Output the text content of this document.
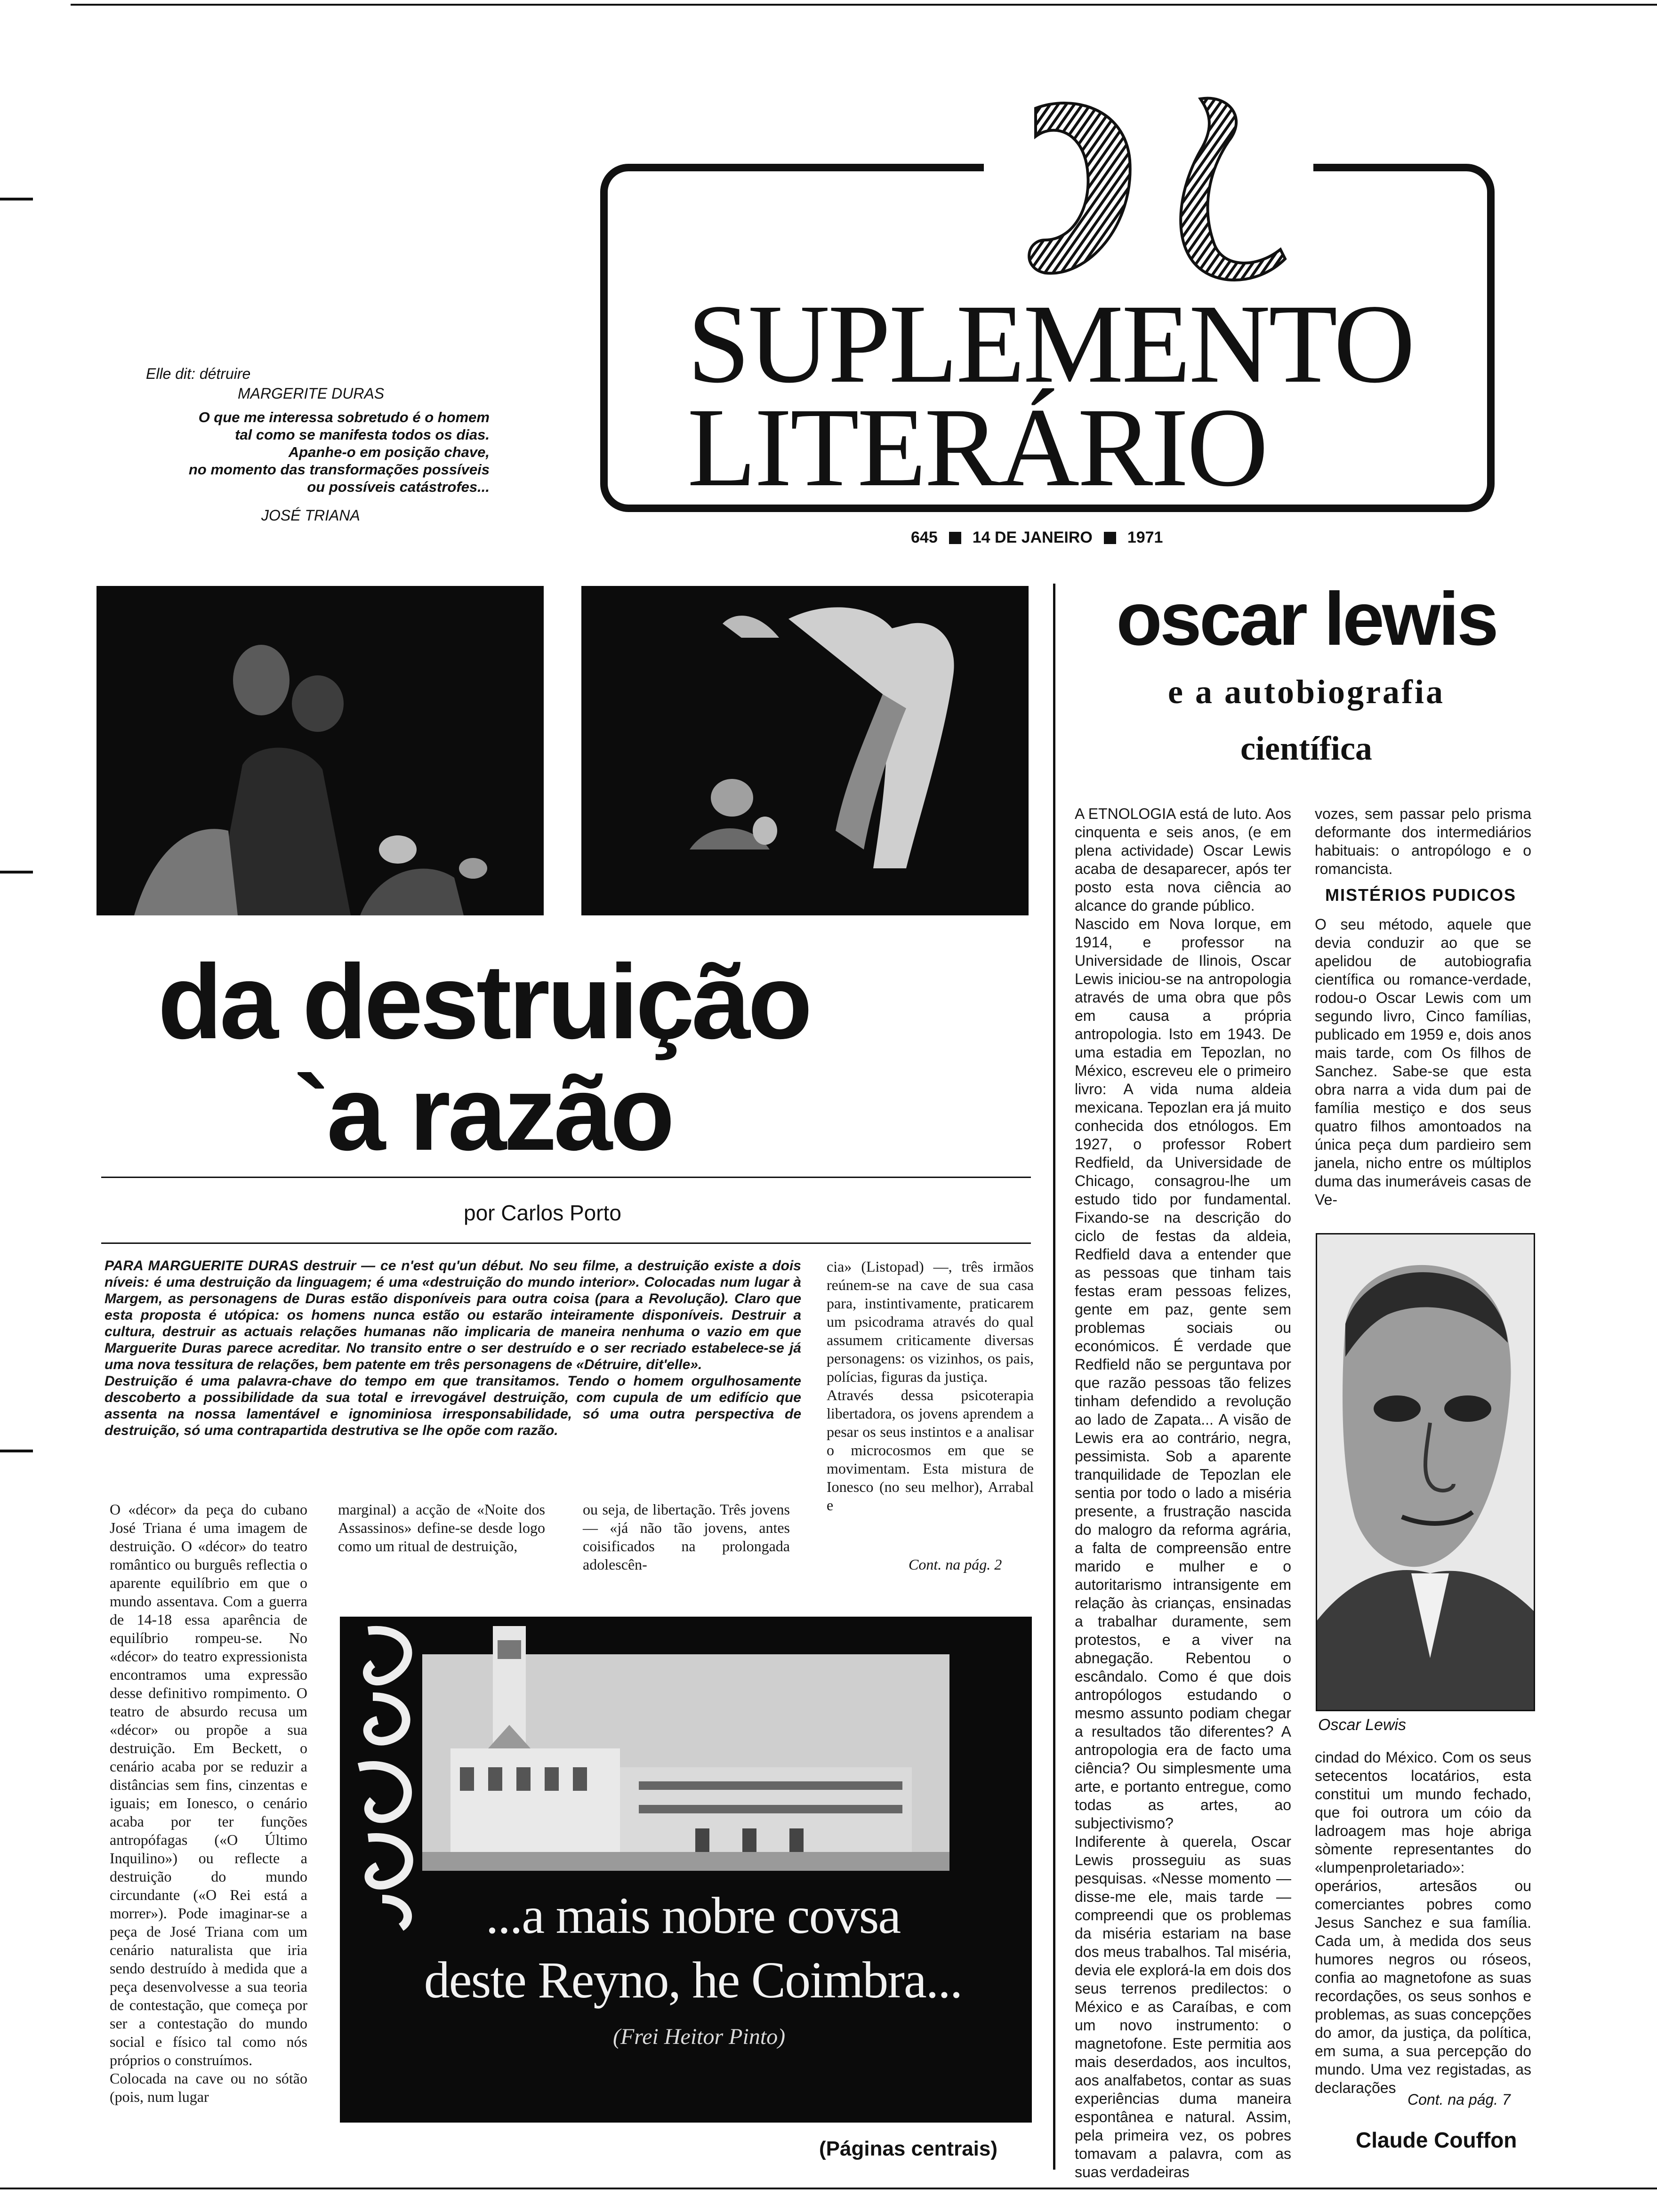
SUPLEMENTO
LITERÁRIO
645 14 DE JANEIRO 1971
Elle dit: détruire
MARGERITE DURAS
O que me interessa sobretudo é o homem
tal como se manifesta todos os dias.
Apanhe-o em posição chave,
no momento das transformações possíveis
ou possíveis catástrofes...
JOSÉ TRIANA
da destruição
`a razão
por Carlos Porto
PARA MARGUERITE DURAS destruir — ce n'est qu'un début. No seu filme, a destruição existe a dois níveis: é uma destruição da linguagem; é uma «destruição do mundo interior». Colocadas num lugar à Margem, as personagens de Duras estão disponíveis para outra coisa (para a Revolução). Claro que esta proposta é utópica: os homens nunca estão ou estarão inteiramente disponíveis. Destruir a cultura, destruir as actuais relações humanas não implicaria de maneira nenhuma o vazio em que Marguerite Duras parece acreditar. No transito entre o ser destruído e o ser recriado estabelece-se já uma nova tessitura de relações, bem patente em três personagens de «Détruire, dit'elle».
Destruição é uma palavra-chave do tempo em que transitamos. Tendo o homem orgulhosamente descoberto a possibilidade da sua total e irrevogável destruição, com cupula de um edifício que assenta na nossa lamentável e ignominiosa irresponsabilidade, só uma outra perspectiva de destruição, só uma contrapartida destrutiva se lhe opõe com razão.
O «décor» da peça do cubano José Triana é uma imagem de destruição. O «décor» do teatro romântico ou burguês reflectia o aparente equilíbrio em que o mundo assentava. Com a guerra de 14-18 essa aparência de equilíbrio rompeu-se. No «décor» do teatro expressionista encontramos uma expressão desse definitivo rompimento. O teatro de absurdo recusa um «décor» ou propõe a sua destruição. Em Beckett, o cenário acaba por se reduzir a distâncias sem fins, cinzentas e iguais; em Ionesco, o cenário acaba por ter funções antropófagas («O Último Inquilino») ou reflecte a destruição do mundo circundante («O Rei está a morrer»). Pode imaginar-se a peça de José Triana com um cenário naturalista que iria sendo destruído à medida que a peça desenvolvesse a sua teoria de contestação, que começa por ser a contestação do mundo social e físico tal como nós próprios o construímos.
Colocada na cave ou no sótão (pois, num lugar
marginal) a acção de «Noite dos Assassinos» define-se desde logo como um ritual de destruição,
ou seja, de libertação. Três jovens — «já não tão jovens, antes coisificados na prolongada adolescên-
cia» (Listopad) —, três irmãos reúnem-se na cave de sua casa para, instintivamente, praticarem um psicodrama através do qual assumem criticamente diversas personagens: os vizinhos, os pais, polícias, figuras da justiça.
Através dessa psicoterapia libertadora, os jovens aprendem a pesar os seus instintos e a analisar o microcosmos em que se movimentam. Esta mistura de Ionesco (no seu melhor), Arrabal e
Cont. na pág. 2
...a mais nobre covsa
deste Reyno, he Coimbra...
(Frei Heitor Pinto)
(Páginas centrais)
oscar lewis
e a autobiografia
científica
A ETNOLOGIA está de luto. Aos cinquenta e seis anos, (e em plena actividade) Oscar Lewis acaba de desaparecer, após ter posto esta nova ciência ao alcance do grande público.
Nascido em Nova Iorque, em 1914, e professor na Universidade de Ilinois, Oscar Lewis iniciou-se na antropologia através de uma obra que pôs em causa a própria antropologia. Isto em 1943. De uma estadia em Tepozlan, no México, escreveu ele o primeiro livro: A vida numa aldeia mexicana. Tepozlan era já muito conhecida dos etnólogos. Em 1927, o professor Robert Redfield, da Universidade de Chicago, consagrou-lhe um estudo tido por fundamental. Fixando-se na descrição do ciclo de festas da aldeia, Redfield dava a entender que as pessoas que tinham tais festas eram pessoas felizes, gente em paz, gente sem problemas sociais ou económicos. É verdade que Redfield não se perguntava por que razão pessoas tão felizes tinham defendido a revolução ao lado de Zapata... A visão de Lewis era ao contrário, negra, pessimista. Sob a aparente tranquilidade de Tepozlan ele sentia por todo o lado a miséria presente, a frustração nascida do malogro da reforma agrária, a falta de compreensão entre marido e mulher e o autoritarismo intransigente em relação às crianças, ensinadas a trabalhar duramente, sem protestos, e a viver na abnegação. Rebentou o escândalo. Como é que dois antropólogos estudando o mesmo assunto podiam chegar a resultados tão diferentes? A antropologia era de facto uma ciência? Ou simplesmente uma arte, e portanto entregue, como todas as artes, ao subjectivismo?
Indiferente à querela, Oscar Lewis prosseguiu as suas pesquisas. «Nesse momento — disse-me ele, mais tarde — compreendi que os problemas da miséria estariam na base dos meus trabalhos. Tal miséria, devia ele explorá-la em dois dos seus terrenos predilectos: o México e as Caraíbas, e com um novo instrumento: o magnetofone. Este permitia aos mais deserdados, aos incultos, aos analfabetos, contar as suas experiências duma maneira espontânea e natural. Assim, pela primeira vez, os pobres tomavam a palavra, com as suas verdadeiras
vozes, sem passar pelo prisma deformante dos intermediários habituais: o antropólogo e o romancista.
MISTÉRIOS PUDICOS
O seu método, aquele que devia conduzir ao que se apelidou de autobiografia científica ou romance-verdade, rodou-o Oscar Lewis com um segundo livro, Cinco famílias, publicado em 1959 e, dois anos mais tarde, com Os filhos de Sanchez. Sabe-se que esta obra narra a vida dum pai de família mestiço e dos seus quatro filhos amontoados na única peça dum pardieiro sem janela, nicho entre os múltiplos duma das inumeráveis casas de Ve-
Oscar Lewis
cindad do México. Com os seus setecentos locatários, esta constitui um mundo fechado, que foi outrora um cóio da ladroagem mas hoje abriga sòmente representantes do «lumpenproletariado»: operários, artesãos ou comerciantes pobres como Jesus Sanchez e sua família. Cada um, à medida dos seus humores negros ou róseos, confia ao magnetofone as suas recordações, os seus sonhos e problemas, as suas concepções do amor, da justiça, da política, em suma, a sua percepção do mundo. Uma vez registadas, as declarações
Cont. na pág. 7
Claude Couffon
